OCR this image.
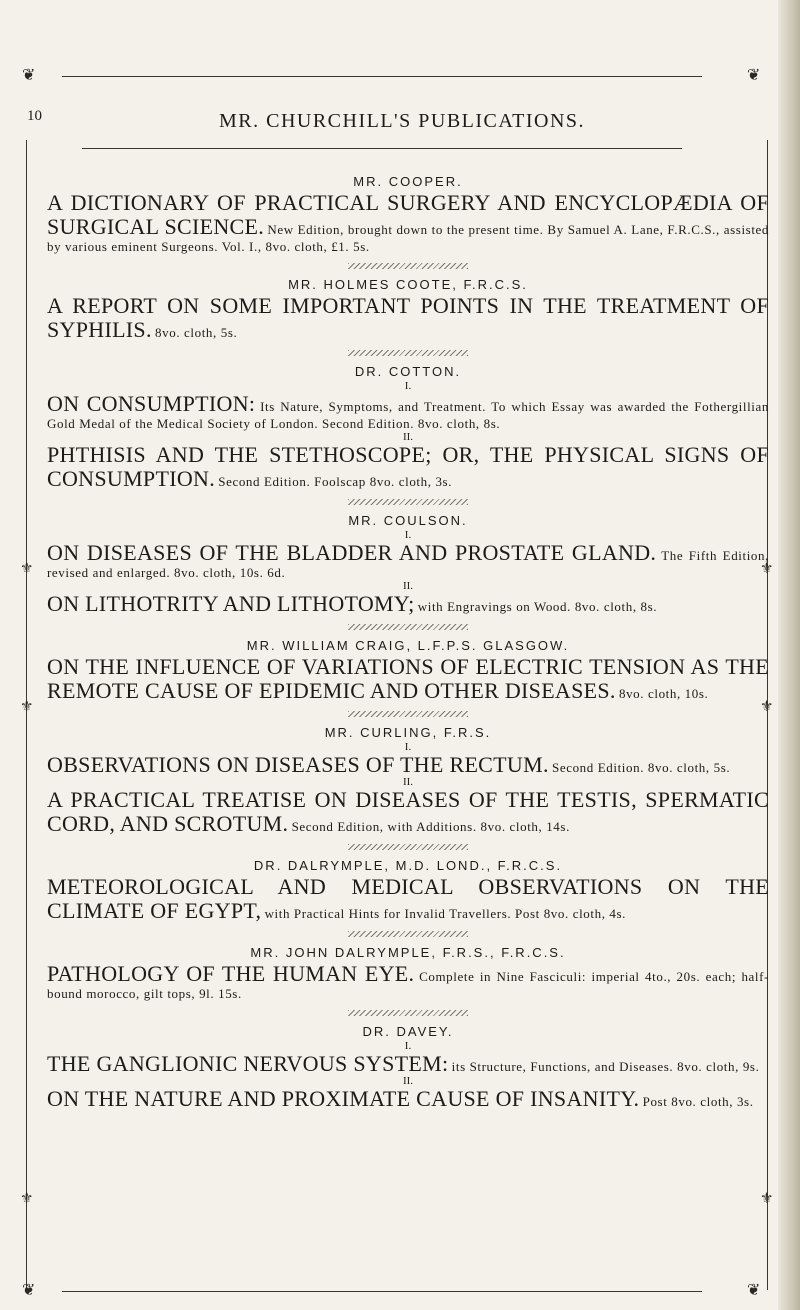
❦	❦
⚜
⚜
⚜
⚜
⚜
⚜
❦	❦
10	MR. CHURCHILL'S PUBLICATIONS.

MR. COOPER.

A DICTIONARY OF PRACTICAL SURGERY AND ENCYCLOPÆDIA OF SURGICAL SCIENCE. New Edition, brought down to the present time. By Samuel A. Lane, F.R.C.S., assisted by various eminent Surgeons. Vol. I., 8vo. cloth, £1. 5s.

MR. HOLMES COOTE, F.R.C.S.

A REPORT ON SOME IMPORTANT POINTS IN THE TREATMENT OF SYPHILIS. 8vo. cloth, 5s.

DR. COTTON.

I.

ON CONSUMPTION: Its Nature, Symptoms, and Treatment. To which Essay was awarded the Fothergillian Gold Medal of the Medical Society of London. Second Edition. 8vo. cloth, 8s.

II.

PHTHISIS AND THE STETHOSCOPE; OR, THE PHYSICAL SIGNS OF CONSUMPTION. Second Edition. Foolscap 8vo. cloth, 3s.

MR. COULSON.

I.

ON DISEASES OF THE BLADDER AND PROSTATE GLAND. The Fifth Edition, revised and enlarged. 8vo. cloth, 10s. 6d.

II.

ON LITHOTRITY AND LITHOTOMY; with Engravings on Wood. 8vo. cloth, 8s.

MR. WILLIAM CRAIG, L.F.P.S. GLASGOW.

ON THE INFLUENCE OF VARIATIONS OF ELECTRIC TENSION AS THE REMOTE CAUSE OF EPIDEMIC AND OTHER DISEASES. 8vo. cloth, 10s.

MR. CURLING, F.R.S.

I.

OBSERVATIONS ON DISEASES OF THE RECTUM. Second Edition. 8vo. cloth, 5s.

II.

A PRACTICAL TREATISE ON DISEASES OF THE TESTIS, SPERMATIC CORD, AND SCROTUM. Second Edition, with Additions. 8vo. cloth, 14s.

DR. DALRYMPLE, M.D. LOND., F.R.C.S.

METEOROLOGICAL AND MEDICAL OBSERVATIONS ON THE CLIMATE OF EGYPT, with Practical Hints for Invalid Travellers. Post 8vo. cloth, 4s.

MR. JOHN DALRYMPLE, F.R.S., F.R.C.S.

PATHOLOGY OF THE HUMAN EYE. Complete in Nine Fasciculi: imperial 4to., 20s. each; half-bound morocco, gilt tops, 9l. 15s.

DR. DAVEY.

I.

THE GANGLIONIC NERVOUS SYSTEM: its Structure, Functions, and Diseases. 8vo. cloth, 9s.

II.

ON THE NATURE AND PROXIMATE CAUSE OF INSANITY. Post 8vo. cloth, 3s.
